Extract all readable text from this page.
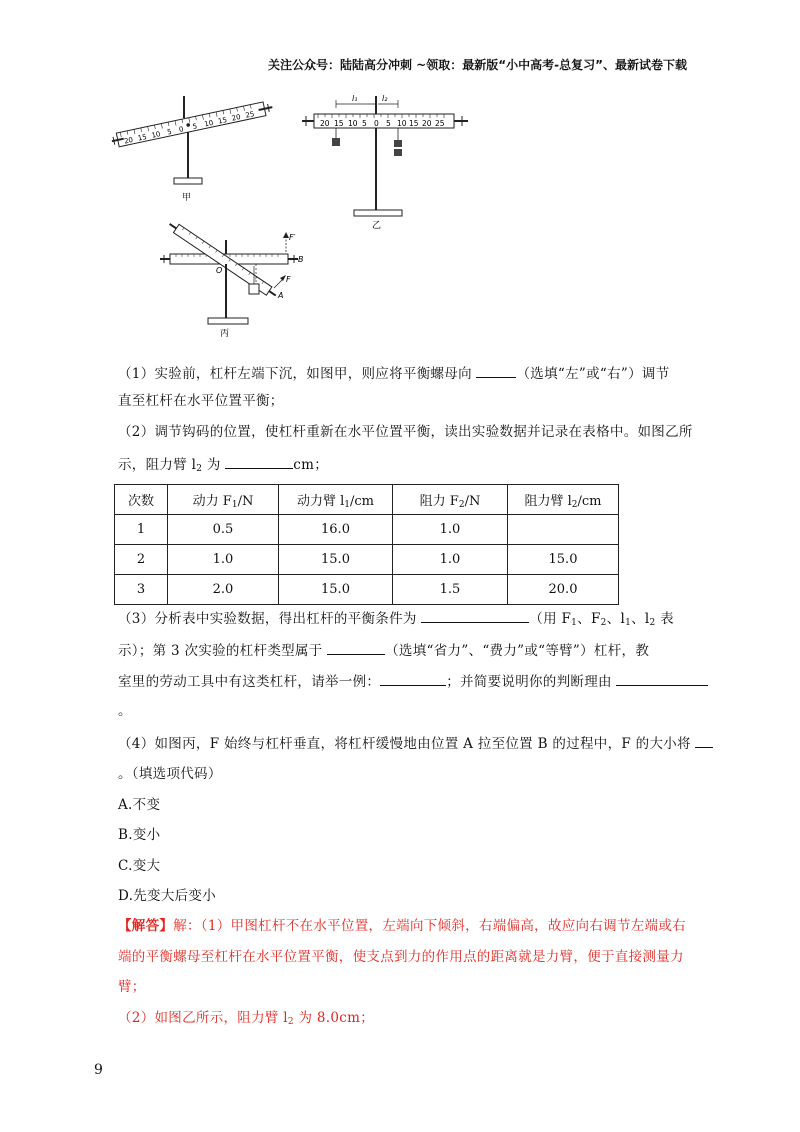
关注公众号：陆陆高分冲刺 ~领取：最新版“小中高考-总复习”、最新试卷下载
20 15 10 5 0 5 10 15 20 25
甲
l₁	l₂
20 15 10 5 0 5 10 15 20 25
乙
F′
B
O
F
A
丙
（1）实验前，杠杆左端下沉，如图甲，则应将平衡螺母向	（选填“左”或“右”）调节
直至杠杆在水平位置平衡；
（2）调节钩码的位置，使杠杆重新在水平位置平衡，读出实验数据并记录在表格中。如图乙所
示，阻力臂 $l_2$ 为	cm；
次数	动力 $F_1/N$	动力臂 $l_1/cm$	阻力 $F_2/N$	阻力臂 $l_2/cm$
1	0.5	16.0	1.0	
2	1.0	15.0	1.0	15.0
3	2.0	15.0	1.5	20.0
（3）分析表中实验数据，得出杠杆的平衡条件为	（用 $F_1$、$F_2$、$l_1$、$l_2$ 表
示）；第 3 次实验的杠杆类型属于	（选填“省力”、“费力”或“等臂”）杠杆，教
室里的劳动工具中有这类杠杆，请举一例：	；并简要说明你的判断理由
。
（4）如图丙，F 始终与杠杆垂直，将杠杆缓慢地由位置 A 拉至位置 B 的过程中，F 的大小将
。（填选项代码）
A.不变
B.变小
C.变大
D.先变大后变小
【解答】解：（1）甲图杠杆不在水平位置，左端向下倾斜，右端偏高，故应向右调节左端或右
端的平衡螺母至杠杆在水平位置平衡，使支点到力的作用点的距离就是力臂，便于直接测量力
臂；
（2）如图乙所示，阻力臂 $l_2$ 为 8.0cm；
9
